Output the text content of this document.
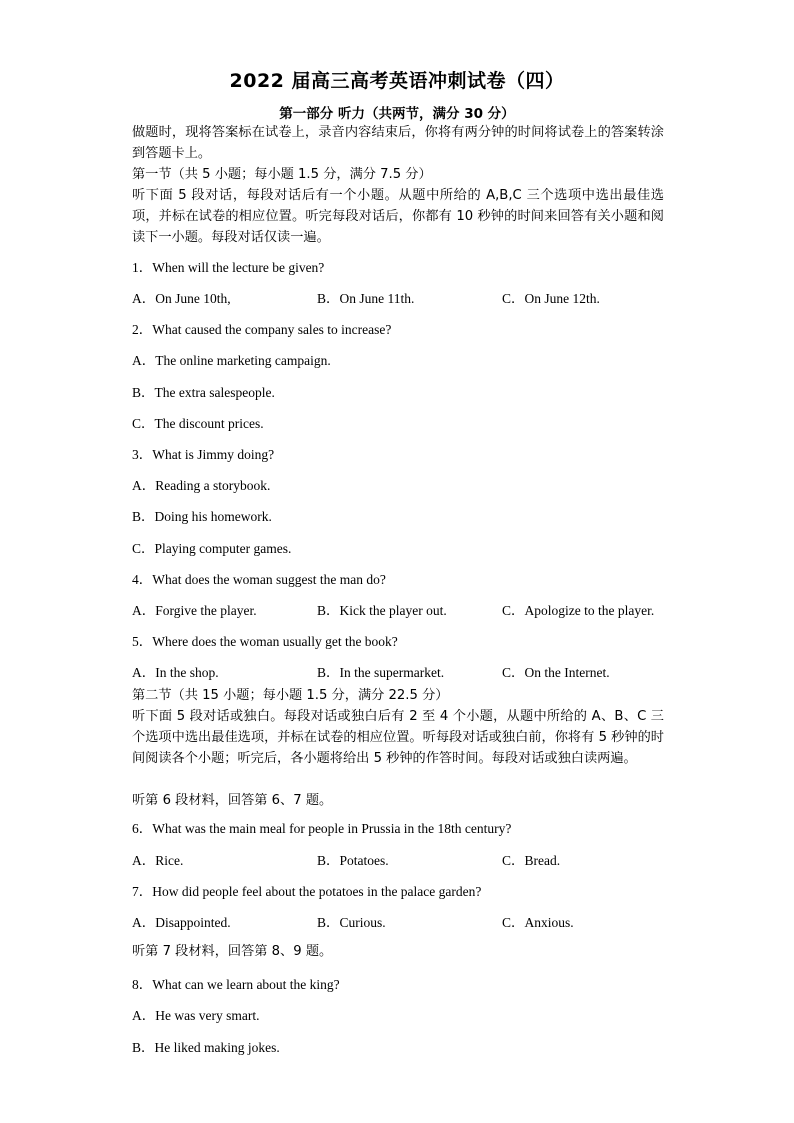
2022 届高三高考英语冲刺试卷（四）
第一部分 听力（共两节，满分 30 分）
做题时，现将答案标在试卷上，录音内容结束后，你将有两分钟的时间将试卷上的答案转涂到答题卡上。
第一节（共 5 小题；每小题 1.5 分，满分 7.5 分）
听下面 5 段对话，每段对话后有一个小题。从题中所给的 A,B,C 三个选项中选出最佳选项，并标在试卷的相应位置。听完每段对话后，你都有 10 秒钟的时间来回答有关小题和阅读下一小题。每段对话仅读一遍。
1．When will the lecture be given?
A．On June 10th,	B．On June 11th.	C．On June 12th.
2．What caused the company sales to increase?
A．The online marketing campaign.
B．The extra salespeople.
C．The discount prices.
3．What is Jimmy doing?
A．Reading a storybook.
B．Doing his homework.
C．Playing computer games.
4．What does the woman suggest the man do?
A．Forgive the player.	B．Kick the player out.	C．Apologize to the player.
5．Where does the woman usually get the book?
A．In the shop.	B．In the supermarket.	C．On the Internet.
第二节（共 15 小题；每小题 1.5 分，满分 22.5 分）
听下面 5 段对话或独白。每段对话或独白后有 2 至 4 个小题，从题中所给的 A、B、C 三个选项中选出最佳选项，并标在试卷的相应位置。听每段对话或独白前，你将有 5 秒钟的时间阅读各个小题；听完后，各小题将给出 5 秒钟的作答时间。每段对话或独白读两遍。
听第 6 段材料，回答第 6、7 题。
6．What was the main meal for people in Prussia in the 18th century?
A．Rice.	B．Potatoes.	C．Bread.
7．How did people feel about the potatoes in the palace garden?
A．Disappointed.	B．Curious.	C．Anxious.
听第 7 段材料，回答第 8、9 题。
8．What can we learn about the king?
A．He was very smart.
B．He liked making jokes.
